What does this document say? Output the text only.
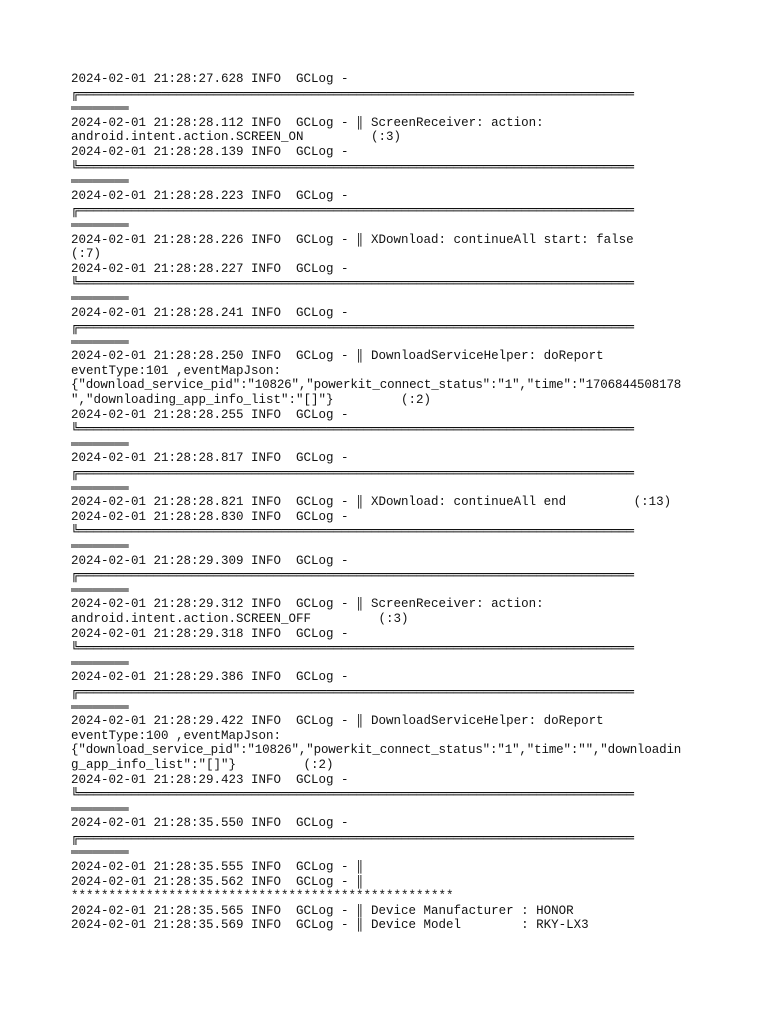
2024-02-01 21:28:27.628 INFO  GCLog -
╔══════════════════════════════════════════════════════════════════════════
════════
2024-02-01 21:28:28.112 INFO  GCLog - ║ ScreenReceiver: action:
android.intent.action.SCREEN_ON         (:3)
2024-02-01 21:28:28.139 INFO  GCLog -
╚══════════════════════════════════════════════════════════════════════════
════════
2024-02-01 21:28:28.223 INFO  GCLog -
╔══════════════════════════════════════════════════════════════════════════
════════
2024-02-01 21:28:28.226 INFO  GCLog - ║ XDownload: continueAll start: false
(:7)
2024-02-01 21:28:28.227 INFO  GCLog -
╚══════════════════════════════════════════════════════════════════════════
════════
2024-02-01 21:28:28.241 INFO  GCLog -
╔══════════════════════════════════════════════════════════════════════════
════════
2024-02-01 21:28:28.250 INFO  GCLog - ║ DownloadServiceHelper: doReport
eventType:101 ,eventMapJson:
{"download_service_pid":"10826","powerkit_connect_status":"1","time":"1706844508178
","downloading_app_info_list":"[]"}         (:2)
2024-02-01 21:28:28.255 INFO  GCLog -
╚══════════════════════════════════════════════════════════════════════════
════════
2024-02-01 21:28:28.817 INFO  GCLog -
╔══════════════════════════════════════════════════════════════════════════
════════
2024-02-01 21:28:28.821 INFO  GCLog - ║ XDownload: continueAll end         (:13)
2024-02-01 21:28:28.830 INFO  GCLog -
╚══════════════════════════════════════════════════════════════════════════
════════
2024-02-01 21:28:29.309 INFO  GCLog -
╔══════════════════════════════════════════════════════════════════════════
════════
2024-02-01 21:28:29.312 INFO  GCLog - ║ ScreenReceiver: action:
android.intent.action.SCREEN_OFF         (:3)
2024-02-01 21:28:29.318 INFO  GCLog -
╚══════════════════════════════════════════════════════════════════════════
════════
2024-02-01 21:28:29.386 INFO  GCLog -
╔══════════════════════════════════════════════════════════════════════════
════════
2024-02-01 21:28:29.422 INFO  GCLog - ║ DownloadServiceHelper: doReport
eventType:100 ,eventMapJson:
{"download_service_pid":"10826","powerkit_connect_status":"1","time":"","downloadin
g_app_info_list":"[]"}         (:2)
2024-02-01 21:28:29.423 INFO  GCLog -
╚══════════════════════════════════════════════════════════════════════════
════════
2024-02-01 21:28:35.550 INFO  GCLog -
╔══════════════════════════════════════════════════════════════════════════
════════
2024-02-01 21:28:35.555 INFO  GCLog - ║
2024-02-01 21:28:35.562 INFO  GCLog - ║
***************************************************
2024-02-01 21:28:35.565 INFO  GCLog - ║ Device Manufacturer : HONOR
2024-02-01 21:28:35.569 INFO  GCLog - ║ Device Model        : RKY-LX3
